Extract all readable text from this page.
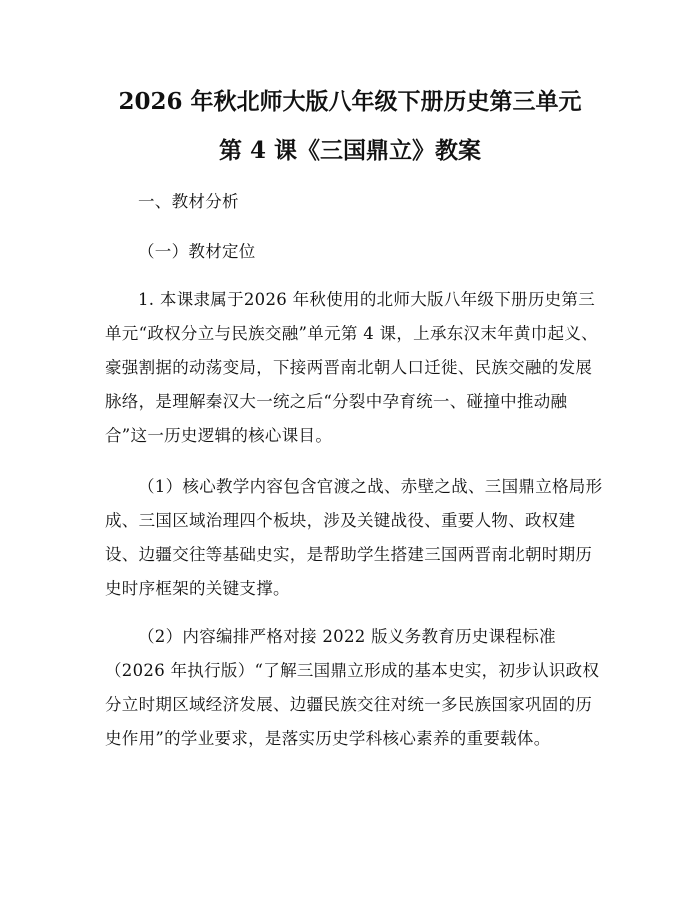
2026 年秋北师大版八年级下册历史第三单元
第 4 课《三国鼎立》教案

一、教材分析

（一）教材定位

1. 本课隶属于2026 年秋使用的北师大版八年级下册历史第三单元“政权分立与民族交融”单元第 4 课，上承东汉末年黄巾起义、豪强割据的动荡变局，下接两晋南北朝人口迁徙、民族交融的发展脉络，是理解秦汉大一统之后“分裂中孕育统一、碰撞中推动融合”这一历史逻辑的核心课目。

（1）核心教学内容包含官渡之战、赤壁之战、三国鼎立格局形成、三国区域治理四个板块，涉及关键战役、重要人物、政权建设、边疆交往等基础史实，是帮助学生搭建三国两晋南北朝时期历史时序框架的关键支撑。

（2）内容编排严格对接 2022 版义务教育历史课程标准（2026 年执行版）“了解三国鼎立形成的基本史实，初步认识政权分立时期区域经济发展、边疆民族交往对统一多民族国家巩固的历史作用”的学业要求，是落实历史学科核心素养的重要载体。
